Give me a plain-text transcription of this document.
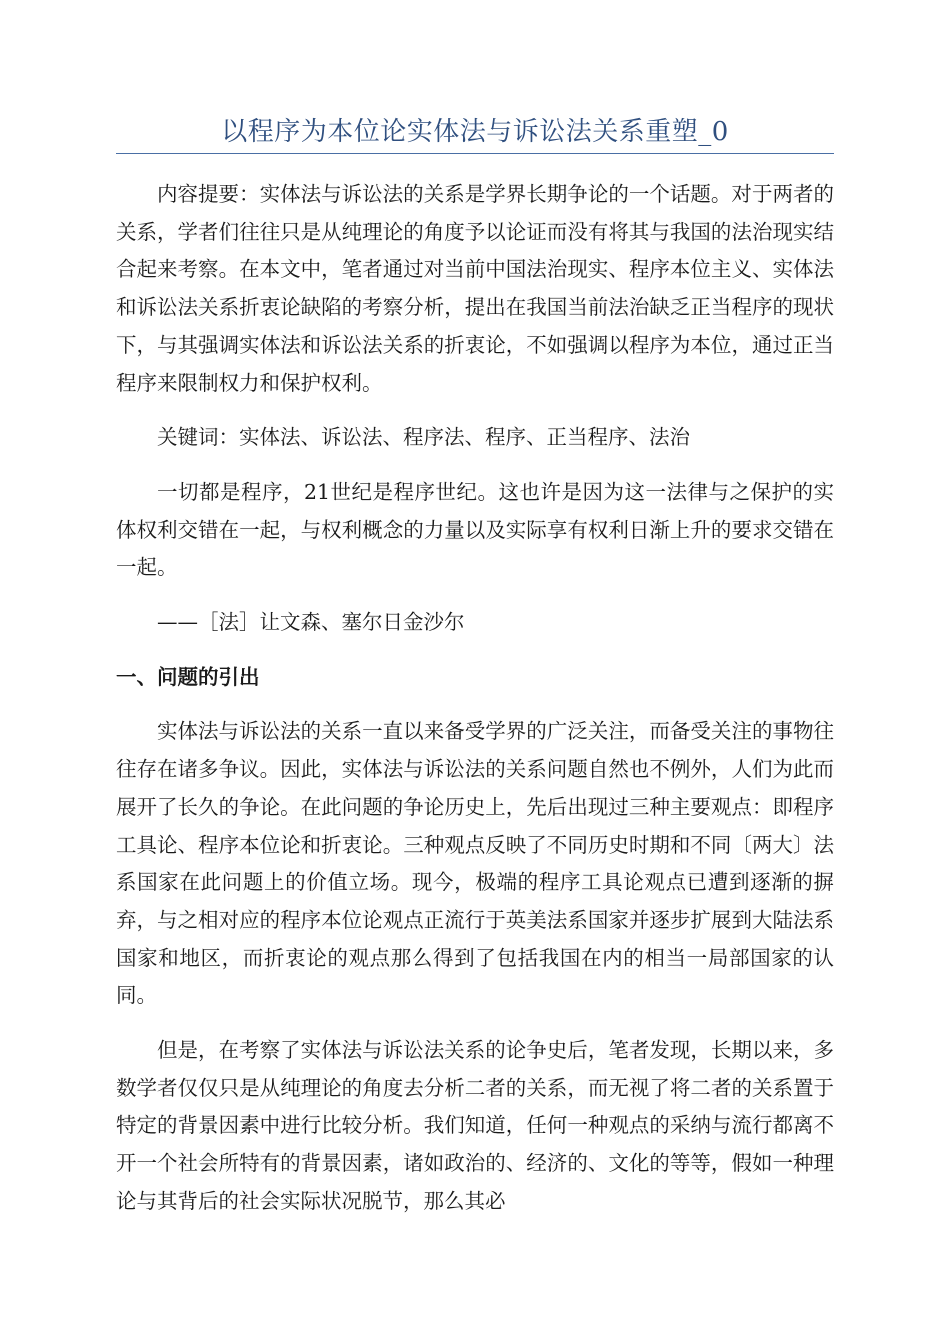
以程序为本位论实体法与诉讼法关系重塑_0

内容提要：实体法与诉讼法的关系是学界长期争论的一个话题。对于两者的关系，学者们往往只是从纯理论的角度予以论证而没有将其与我国的法治现实结合起来考察。在本文中，笔者通过对当前中国法治现实、程序本位主义、实体法和诉讼法关系折衷论缺陷的考察分析，提出在我国当前法治缺乏正当程序的现状下，与其强调实体法和诉讼法关系的折衷论，不如强调以程序为本位，通过正当程序来限制权力和保护权利。

关键词：实体法、诉讼法、程序法、程序、正当程序、法治

一切都是程序，21世纪是程序世纪。这也许是因为这一法律与之保护的实体权利交错在一起，与权利概念的力量以及实际享有权利日渐上升的要求交错在一起。

——［法］让文森、塞尔日金沙尔

一、问题的引出

实体法与诉讼法的关系一直以来备受学界的广泛关注，而备受关注的事物往往存在诸多争议。因此，实体法与诉讼法的关系问题自然也不例外，人们为此而展开了长久的争论。在此问题的争论历史上，先后出现过三种主要观点：即程序工具论、程序本位论和折衷论。三种观点反映了不同历史时期和不同〔两大〕法系国家在此问题上的价值立场。现今，极端的程序工具论观点已遭到逐渐的摒弃，与之相对应的程序本位论观点正流行于英美法系国家并逐步扩展到大陆法系国家和地区，而折衷论的观点那么得到了包括我国在内的相当一局部国家的认同。

但是，在考察了实体法与诉讼法关系的论争史后，笔者发现，长期以来，多数学者仅仅只是从纯理论的角度去分析二者的关系，而无视了将二者的关系置于特定的背景因素中进行比较分析。我们知道，任何一种观点的采纳与流行都离不开一个社会所特有的背景因素，诸如政治的、经济的、文化的等等，假如一种理论与其背后的社会实际状况脱节，那么其必
